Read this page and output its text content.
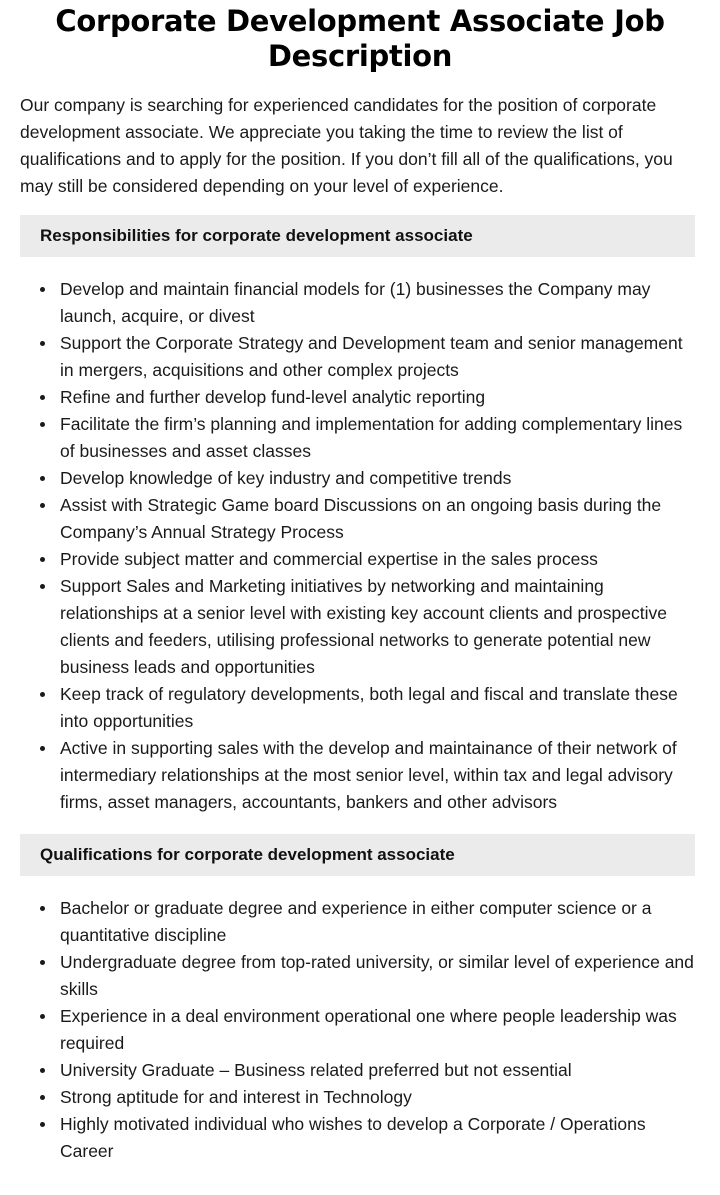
Corporate Development Associate Job Description

Our company is searching for experienced candidates for the position of corporate development associate. We appreciate you taking the time to review the list of qualifications and to apply for the position. If you don’t fill all of the qualifications, you may still be considered depending on your level of experience.

Responsibilities for corporate development associate
Develop and maintain financial models for (1) businesses the Company may launch, acquire, or divest
Support the Corporate Strategy and Development team and senior management in mergers, acquisitions and other complex projects
Refine and further develop fund-level analytic reporting
Facilitate the firm’s planning and implementation for adding complementary lines of businesses and asset classes
Develop knowledge of key industry and competitive trends
Assist with Strategic Game board Discussions on an ongoing basis during the Company’s Annual Strategy Process
Provide subject matter and commercial expertise in the sales process
Support Sales and Marketing initiatives by networking and maintaining relationships at a senior level with existing key account clients and prospective clients and feeders, utilising professional networks to generate potential new business leads and opportunities
Keep track of regulatory developments, both legal and fiscal and translate these into opportunities
Active in supporting sales with the develop and maintainance of their network of intermediary relationships at the most senior level, within tax and legal advisory firms, asset managers, accountants, bankers and other advisors
Qualifications for corporate development associate
Bachelor or graduate degree and experience in either computer science or a quantitative discipline
Undergraduate degree from top-rated university, or similar level of experience and skills
Experience in a deal environment operational one where people leadership was required
University Graduate – Business related preferred but not essential
Strong aptitude for and interest in Technology
Highly motivated individual who wishes to develop a Corporate / Operations Career
